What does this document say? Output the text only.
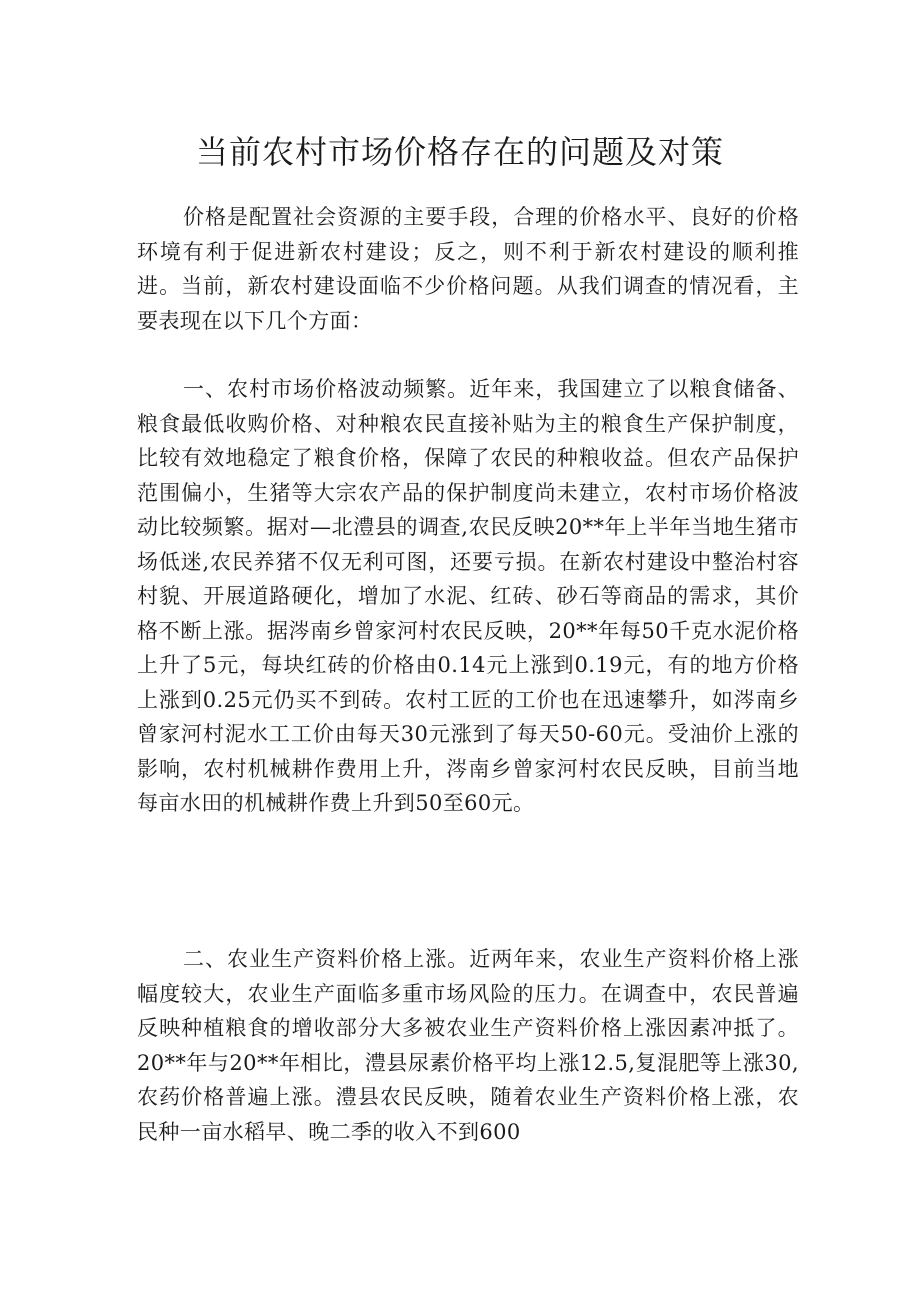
当前农村市场价格存在的问题及对策

价格是配置社会资源的主要手段，合理的价格水平、良好的价格环境有利于促进新农村建设；反之，则不利于新农村建设的顺利推进。当前，新农村建设面临不少价格问题。从我们调查的情况看，主要表现在以下几个方面：

一、农村市场价格波动频繁。近年来，我国建立了以粮食储备、粮食最低收购价格、对种粮农民直接补贴为主的粮食生产保护制度，比较有效地稳定了粮食价格，保障了农民的种粮收益。但农产品保护范围偏小，生猪等大宗农产品的保护制度尚未建立，农村市场价格波动比较频繁。据对—北澧县的调查,农民反映20**年上半年当地生猪市场低迷,农民养猪不仅无利可图，还要亏损。在新农村建设中整治村容村貌、开展道路硬化，增加了水泥、红砖、砂石等商品的需求，其价格不断上涨。据涔南乡曾家河村农民反映，20**年每50千克水泥价格上升了5元，每块红砖的价格由0.14元上涨到0.19元，有的地方价格上涨到0.25元仍买不到砖。农村工匠的工价也在迅速攀升，如涔南乡曾家河村泥水工工价由每天30元涨到了每天50-60元。受油价上涨的影响，农村机械耕作费用上升，涔南乡曾家河村农民反映，目前当地每亩水田的机械耕作费上升到50至60元。

二、农业生产资料价格上涨。近两年来，农业生产资料价格上涨幅度较大，农业生产面临多重市场风险的压力。在调查中，农民普遍反映种植粮食的增收部分大多被农业生产资料价格上涨因素冲抵了。20**年与20**年相比，澧县尿素价格平均上涨12.5,复混肥等上涨30,农药价格普遍上涨。澧县农民反映，随着农业生产资料价格上涨，农民种一亩水稻早、晚二季的收入不到600
